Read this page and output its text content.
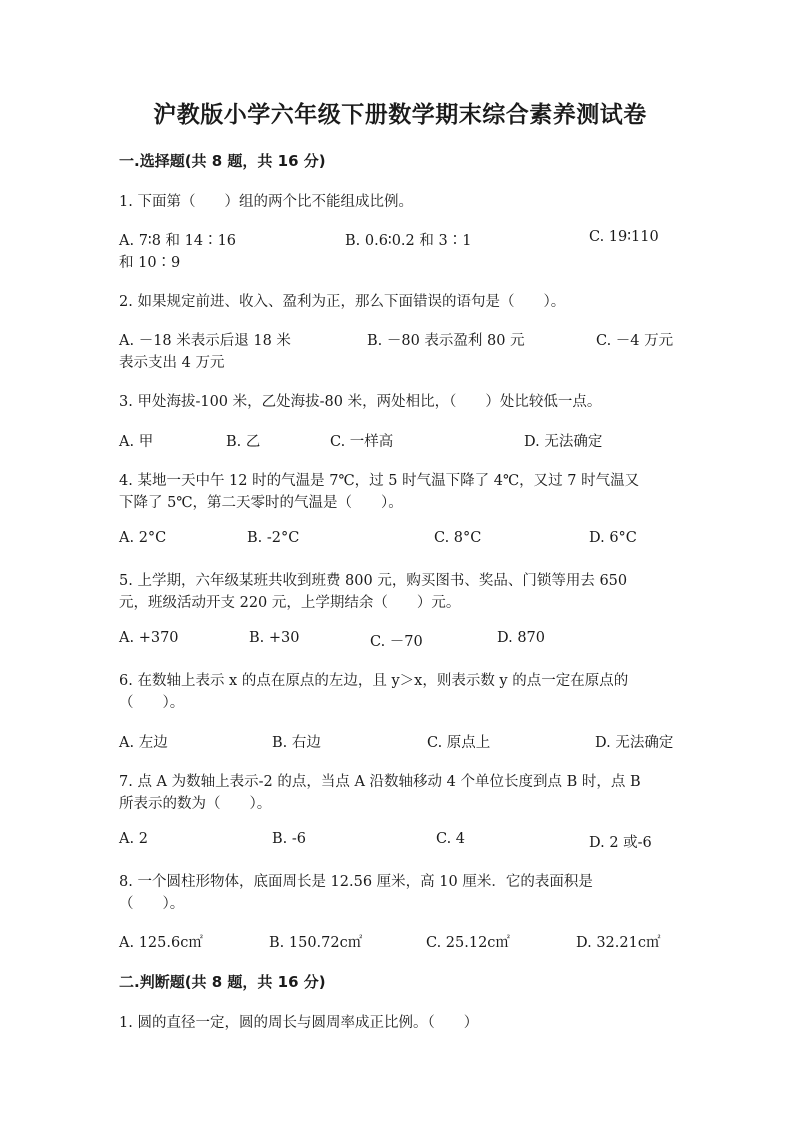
沪教版小学六年级下册数学期末综合素养测试卷
一.选择题(共 8 题，共 16 分)
1. 下面第（　　）组的两个比不能组成比例。
A. 7∶8 和 14∶16	B. 0.6∶0.2 和 3∶1	C. 19∶110
和 10∶9
2. 如果规定前进、收入、盈利为正，那么下面错误的语句是（　　）。
A. －18 米表示后退 18 米	B. －80 表示盈利 80 元	C. －4 万元
表示支出 4 万元
3. 甲处海拔-100 米，乙处海拔-80 米，两处相比，（　　）处比较低一点。
A. 甲	B. 乙	C. 一样高	D. 无法确定
4. 某地一天中午 12 时的气温是 7℃，过 5 时气温下降了 4℃，又过 7 时气温又
下降了 5℃，第二天零时的气温是（　　）。
A. 2°C	B. -2°C	C. 8°C	D. 6°C
5. 上学期，六年级某班共收到班费 800 元，购买图书、奖品、门锁等用去 650
元，班级活动开支 220 元，上学期结余（　　）元。
A. +370	B. +30	C. －70	D. 870
6. 在数轴上表示 x 的点在原点的左边，且 y＞x，则表示数 y 的点一定在原点的
（　　）。
A. 左边	B. 右边	C. 原点上	D. 无法确定
7. 点 A 为数轴上表示-2 的点，当点 A 沿数轴移动 4 个单位长度到点 B 时，点 B
所表示的数为（　　）。
A. 2	B. -6	C. 4	D. 2 或-6
8. 一个圆柱形物体，底面周长是 12.56 厘米，高 10 厘米．它的表面积是
（　　）。
A. 125.6c㎡	B. 150.72c㎡	C. 25.12c㎡	D. 32.21c㎡
二.判断题(共 8 题，共 16 分)
1. 圆的直径一定，圆的周长与圆周率成正比例。（　　）
